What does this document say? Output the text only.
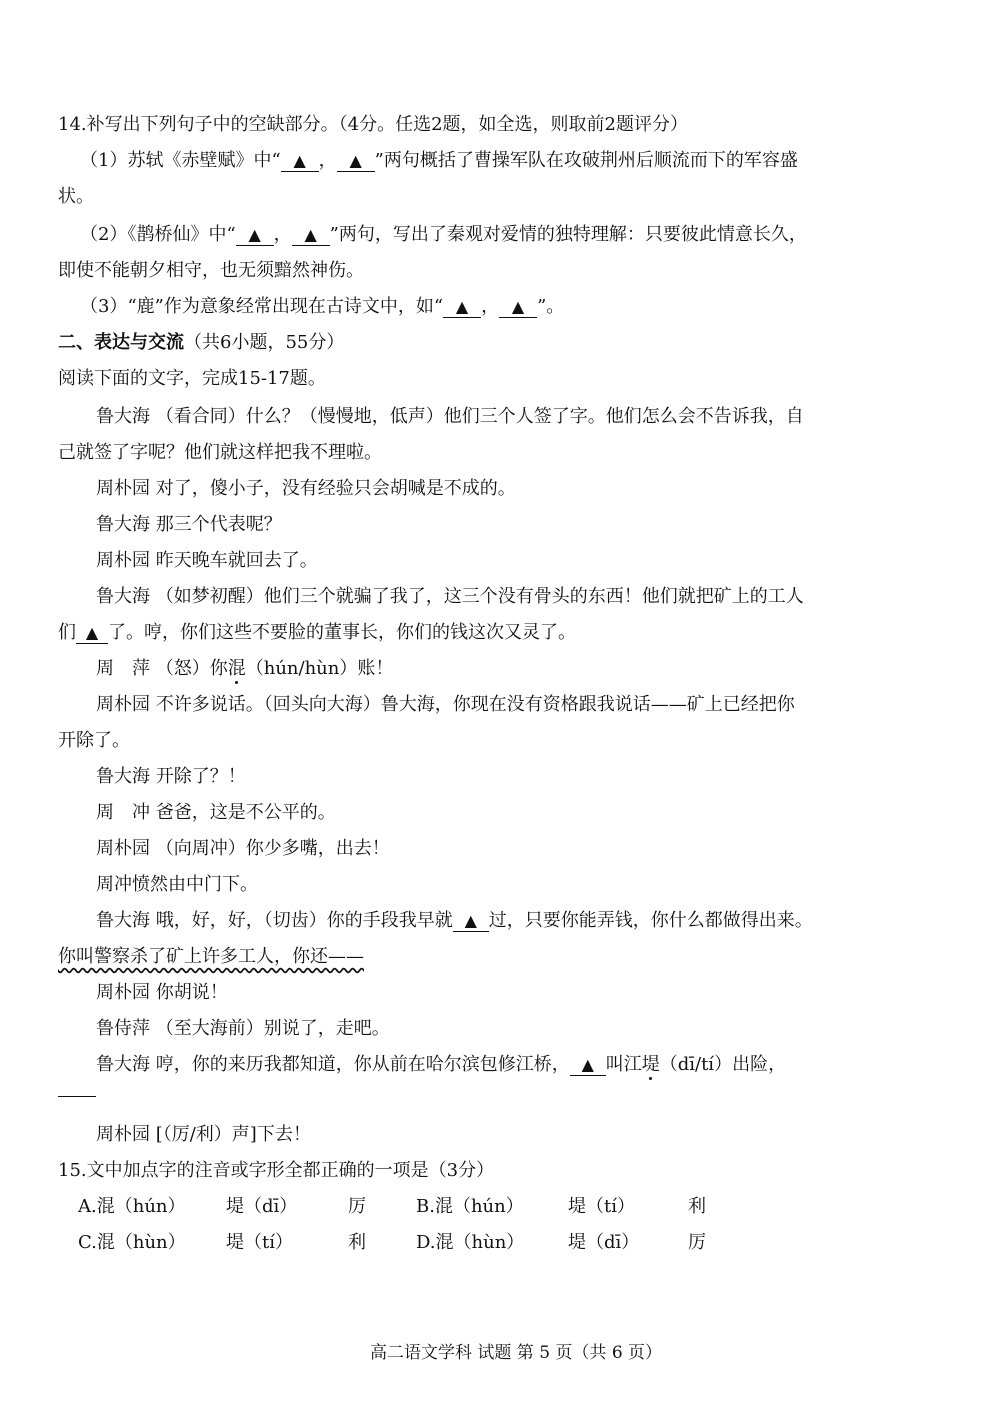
14.补写出下列句子中的空缺部分。（4分。任选2题，如全选，则取前2题评分）
（1）苏轼《赤壁赋》中“ ▲ ， ▲ ”两句概括了曹操军队在攻破荆州后顺流而下的军容盛
状。
（2）《鹊桥仙》中“ ▲ ， ▲ ”两句，写出了秦观对爱情的独特理解：只要彼此情意长久，
即使不能朝夕相守，也无须黯然神伤。
（3）“鹿”作为意象经常出现在古诗文中，如“ ▲ ， ▲ ”。
二、表达与交流（共6小题，55分）
阅读下面的文字，完成15-17题。
鲁大海 （看合同）什么？（慢慢地，低声）他们三个人签了字。他们怎么会不告诉我，自
己就签了字呢？他们就这样把我不理啦。
周朴园 对了，傻小子，没有经验只会胡喊是不成的。
鲁大海 那三个代表呢？
周朴园 昨天晚车就回去了。
鲁大海 （如梦初醒）他们三个就骗了我了，这三个没有骨头的东西！他们就把矿上的工人
们 ▲ 了。哼，你们这些不要脸的董事长，你们的钱这次又灵了。
周　萍 （怒）你混（hún/hùn）账！
周朴园 不许多说话。（回头向大海）鲁大海，你现在没有资格跟我说话——矿上已经把你
开除了。
鲁大海 开除了？！
周　冲 爸爸，这是不公平的。
周朴园 （向周冲）你少多嘴，出去！
周冲愤然由中门下。
鲁大海 哦，好，好，（切齿）你的手段我早就 ▲ 过，只要你能弄钱，你什么都做得出来。
你叫警察杀了矿上许多工人，你还——
周朴园 你胡说！
鲁侍萍 （至大海前）别说了，走吧。
鲁大海 哼，你的来历我都知道，你从前在哈尔滨包修江桥， ▲ 叫江堤（dī/tí）出险，
周朴园 [（厉/利）声]下去！
15.文中加点字的注音或字形全都正确的一项是（3分）
A.混（hún） 堤（dī）	厉	B.混（hún） 堤（tí）	利
C.混（hùn） 堤（tí）	利	D.混（hùn） 堤（dī）	厉
高二语文学科 试题 第 5 页（共 6 页）
